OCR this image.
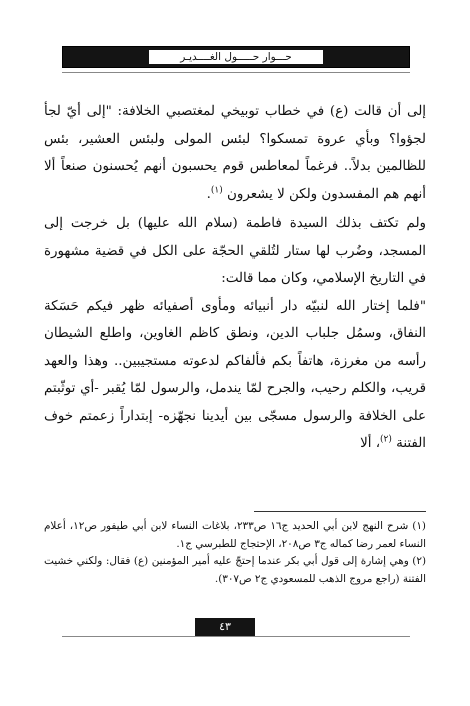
حـــوار حـــــول الغــــديـر

إلى أن قالت (ع) في خطاب توبيخي لمغتصبي الخلافة: "إلى أيّ لجأ لجؤوا؟ وبأي عروة تمسكوا؟ لبئس المولى ولبئس العشير، بئس للظالمين بدلاً.. فرغماً لمعاطس قوم يحسبون أنهم يُحسنون صنعاً ألا أنهم هم المفسدون ولكن لا يشعرون $^{(١)}$.

ولم تكتف بذلك السيدة فاطمة (سلام الله عليها) بل خرجت إلى المسجد، وضُرب لها ستار لتُلقي الحجّة على الكل في قضية مشهورة في التاريخ الإسلامي، وكان مما قالت:

"فلما إختار الله لنبيّه دار أنبيائه ومأوى أصفيائه ظهر فيكم حَسَكة النفاق، وسمُل جلباب الدين، ونطق كاظم الغاوين، واطلع الشيطان رأسه من مغرزة، هاتفاً بكم فألفاكم لدعوته مستجيبين.. وهذا والعهد قريب، والكلم رحيب، والجرح لمّا يندمل، والرسول لمّا يُقبر -أي توثّبتم على الخلافة والرسول مسجّى بين أيدينا نجهّزه- إبتداراً زعمتم خوف الفتنة $^{(٢)}$، ألا

(١) شرح النهج لابن أبي الحديد ج١٦ ص٢٣٣، بلاغات النساء لابن أبي طيفور ص١٢، أعلام النساء لعمر رضا كماله ج٣ ص٢٠٨، الإحتجاج للطبرسي ج١.

(٢) وهي إشارة إلى قول أبي بكر عندما إحتجّ عليه أمير المؤمنين (ع) فقال: ولكني خشيت الفتنة (راجع مروج الذهب للمسعودي ج٢ ص٣٠٧).

٤٣
